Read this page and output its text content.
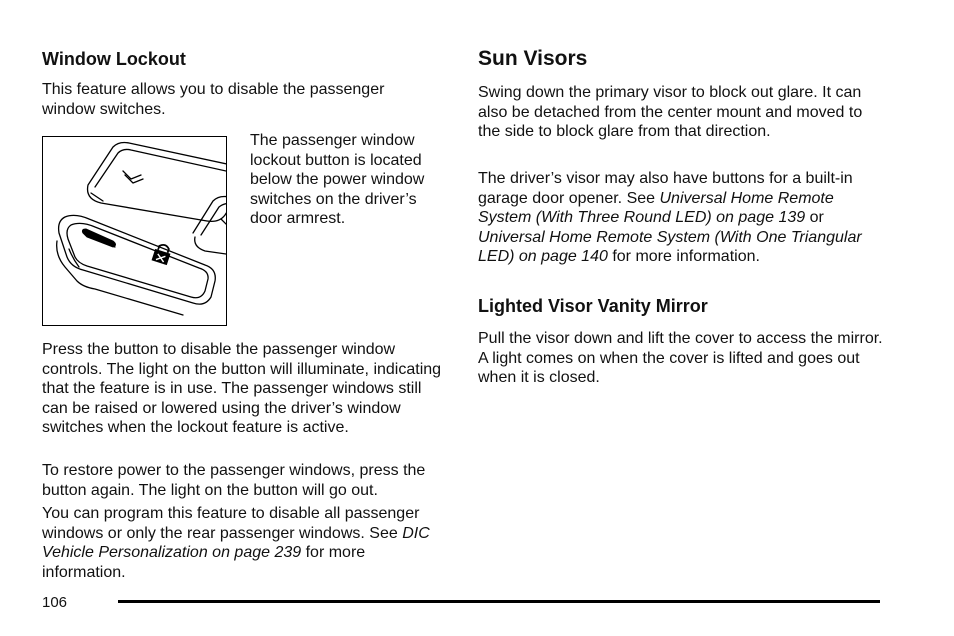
Window Lockout

This feature allows you to disable the passenger window switches.

The passenger window lockout button is located below the power window switches on the driver’s door armrest.

Press the button to disable the passenger window controls. The light on the button will illuminate, indicating that the feature is in use. The passenger windows still can be raised or lowered using the driver’s window switches when the lockout feature is active.

To restore power to the passenger windows, press the button again. The light on the button will go out.

You can program this feature to disable all passenger windows or only the rear passenger windows. See DIC Vehicle Personalization on page 239 for more information.

Sun Visors

Swing down the primary visor to block out glare. It can also be detached from the center mount and moved to the side to block glare from that direction.

The driver’s visor may also have buttons for a built-in garage door opener. See Universal Home Remote System (With Three Round LED) on page 139 or Universal Home Remote System (With One Triangular LED) on page 140 for more information.

Lighted Visor Vanity Mirror

Pull the visor down and lift the cover to access the mirror. A light comes on when the cover is lifted and goes out when it is closed.

106
